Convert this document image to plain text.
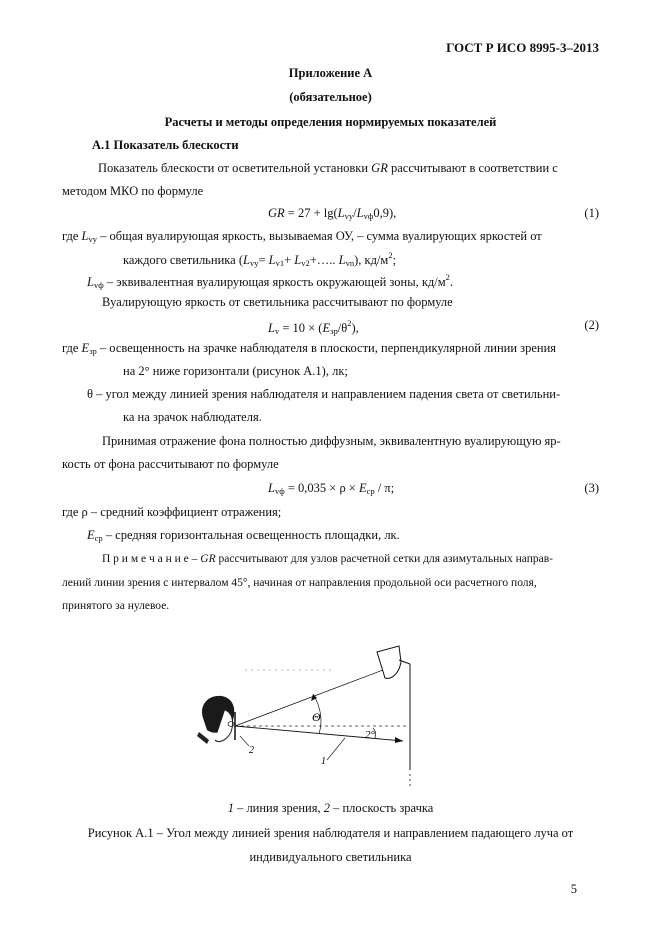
ГОСТ Р ИСО 8995-3–2013
Приложение А
(обязательное)
Расчеты и методы определения нормируемых показателей
А.1 Показатель блескости
Показатель блескости от осветительной установки GR рассчитывают в соответствии с
методом МКО по формуле
GR = $27 + \lg(L_{vy}/L_{vф}0,9)$,	(1)
где $L_{vy}$ – общая вуалирующая яркость, вызываемая ОУ, – сумма вуалирующих яркостей от
каждого светильника ($L_{vy}= L_{v1}+$ $L_{v2}+\dots$.. $L_{vn}$), $кд/м^2$;
$L_{vф}$ – эквивалентная вуалирующая яркость окружающей зоны, $кд/м^2$.
Вуалирующую яркость от светильника рассчитывают по формуле
$L_v = 10 \times (E_{зр}/\theta^2)$,	(2)
где $E_{зр}$ – освещенность на зрачке наблюдателя в плоскости, перпендикулярной линии зрения
на 2° ниже горизонтали (рисунок А.1), лк;
θ – угол между линией зрения наблюдателя и направлением падения света от светильни-
ка на зрачок наблюдателя.
Принимая отражение фона полностью диффузным, эквивалентную вуалирующую яр-
кость от фона рассчитывают по формуле
$L_{vф} = 0,035 \times \rho \times E_{ср} / \pi$;	(3)
где ρ – средний коэффициент отражения;
$E_{ср}$ – средняя горизонтальная освещенность площадки, лк.
П р и м е ч а н и е – GR рассчитывают для узлов расчетной сетки для азимутальных направ-
лений линии зрения с интервалом 45°, начиная от направления продольной оси расчетного поля,
принятого за нулевое.
Θ
2°
1
2
1 – линия зрения, 2 – плоскость зрачка
Рисунок А.1 – Угол между линией зрения наблюдателя и направлением падающего луча от
индивидуального светильника
5
